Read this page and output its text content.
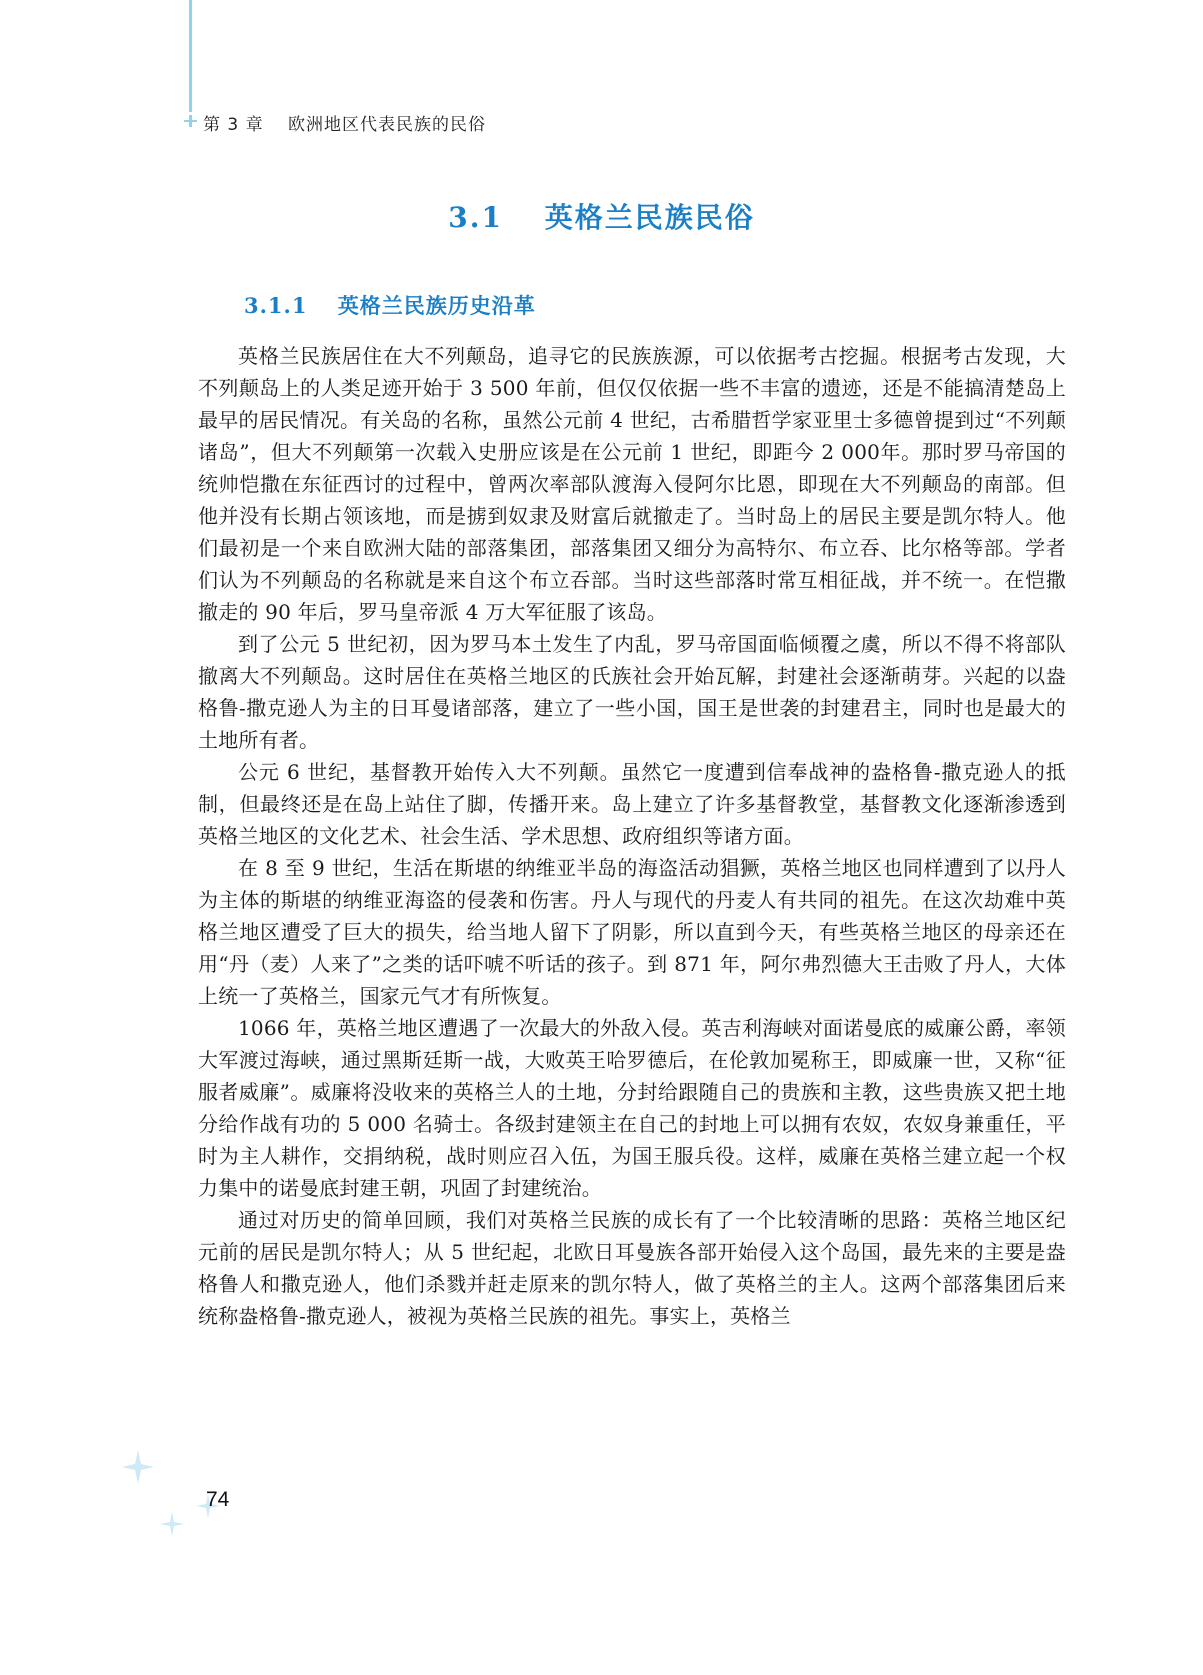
第 3 章 欧洲地区代表民族的民俗
3.1 英格兰民族民俗
3.1.1 英格兰民族历史沿革

英格兰民族居住在大不列颠岛，追寻它的民族族源，可以依据考古挖掘。根据考古发现，大不列颠岛上的人类足迹开始于 3 500 年前，但仅仅依据一些不丰富的遗迹，还是不能搞清楚岛上最早的居民情况。有关岛的名称，虽然公元前 4 世纪，古希腊哲学家亚里士多德曾提到过“不列颠诸岛”，但大不列颠第一次载入史册应该是在公元前 1 世纪，即距今 2 000年。那时罗马帝国的统帅恺撒在东征西讨的过程中，曾两次率部队渡海入侵阿尔比恩，即现在大不列颠岛的南部。但他并没有长期占领该地，而是掳到奴隶及财富后就撤走了。当时岛上的居民主要是凯尔特人。他们最初是一个来自欧洲大陆的部落集团，部落集团又细分为高特尔、布立吞、比尔格等部。学者们认为不列颠岛的名称就是来自这个布立吞部。当时这些部落时常互相征战，并不统一。在恺撒撤走的 90 年后，罗马皇帝派 4 万大军征服了该岛。

到了公元 5 世纪初，因为罗马本土发生了内乱，罗马帝国面临倾覆之虞，所以不得不将部队撤离大不列颠岛。这时居住在英格兰地区的氏族社会开始瓦解，封建社会逐渐萌芽。兴起的以盎格鲁-撒克逊人为主的日耳曼诸部落，建立了一些小国，国王是世袭的封建君主，同时也是最大的土地所有者。

公元 6 世纪，基督教开始传入大不列颠。虽然它一度遭到信奉战神的盎格鲁-撒克逊人的抵制，但最终还是在岛上站住了脚，传播开来。岛上建立了许多基督教堂，基督教文化逐渐渗透到英格兰地区的文化艺术、社会生活、学术思想、政府组织等诸方面。

在 8 至 9 世纪，生活在斯堪的纳维亚半岛的海盗活动猖獗，英格兰地区也同样遭到了以丹人为主体的斯堪的纳维亚海盗的侵袭和伤害。丹人与现代的丹麦人有共同的祖先。在这次劫难中英格兰地区遭受了巨大的损失，给当地人留下了阴影，所以直到今天，有些英格兰地区的母亲还在用“丹（麦）人来了”之类的话吓唬不听话的孩子。到 871 年，阿尔弗烈德大王击败了丹人，大体上统一了英格兰，国家元气才有所恢复。

1066 年，英格兰地区遭遇了一次最大的外敌入侵。英吉利海峡对面诺曼底的威廉公爵，率领大军渡过海峡，通过黑斯廷斯一战，大败英王哈罗德后，在伦敦加冕称王，即威廉一世，又称“征服者威廉”。威廉将没收来的英格兰人的土地，分封给跟随自己的贵族和主教，这些贵族又把土地分给作战有功的 5 000 名骑士。各级封建领主在自己的封地上可以拥有农奴，农奴身兼重任，平时为主人耕作，交捐纳税，战时则应召入伍，为国王服兵役。这样，威廉在英格兰建立起一个权力集中的诺曼底封建王朝，巩固了封建统治。

通过对历史的简单回顾，我们对英格兰民族的成长有了一个比较清晰的思路：英格兰地区纪元前的居民是凯尔特人；从 5 世纪起，北欧日耳曼族各部开始侵入这个岛国，最先来的主要是盎格鲁人和撒克逊人，他们杀戮并赶走原来的凯尔特人，做了英格兰的主人。这两个部落集团后来统称盎格鲁-撒克逊人，被视为英格兰民族的祖先。事实上，英格兰

74
